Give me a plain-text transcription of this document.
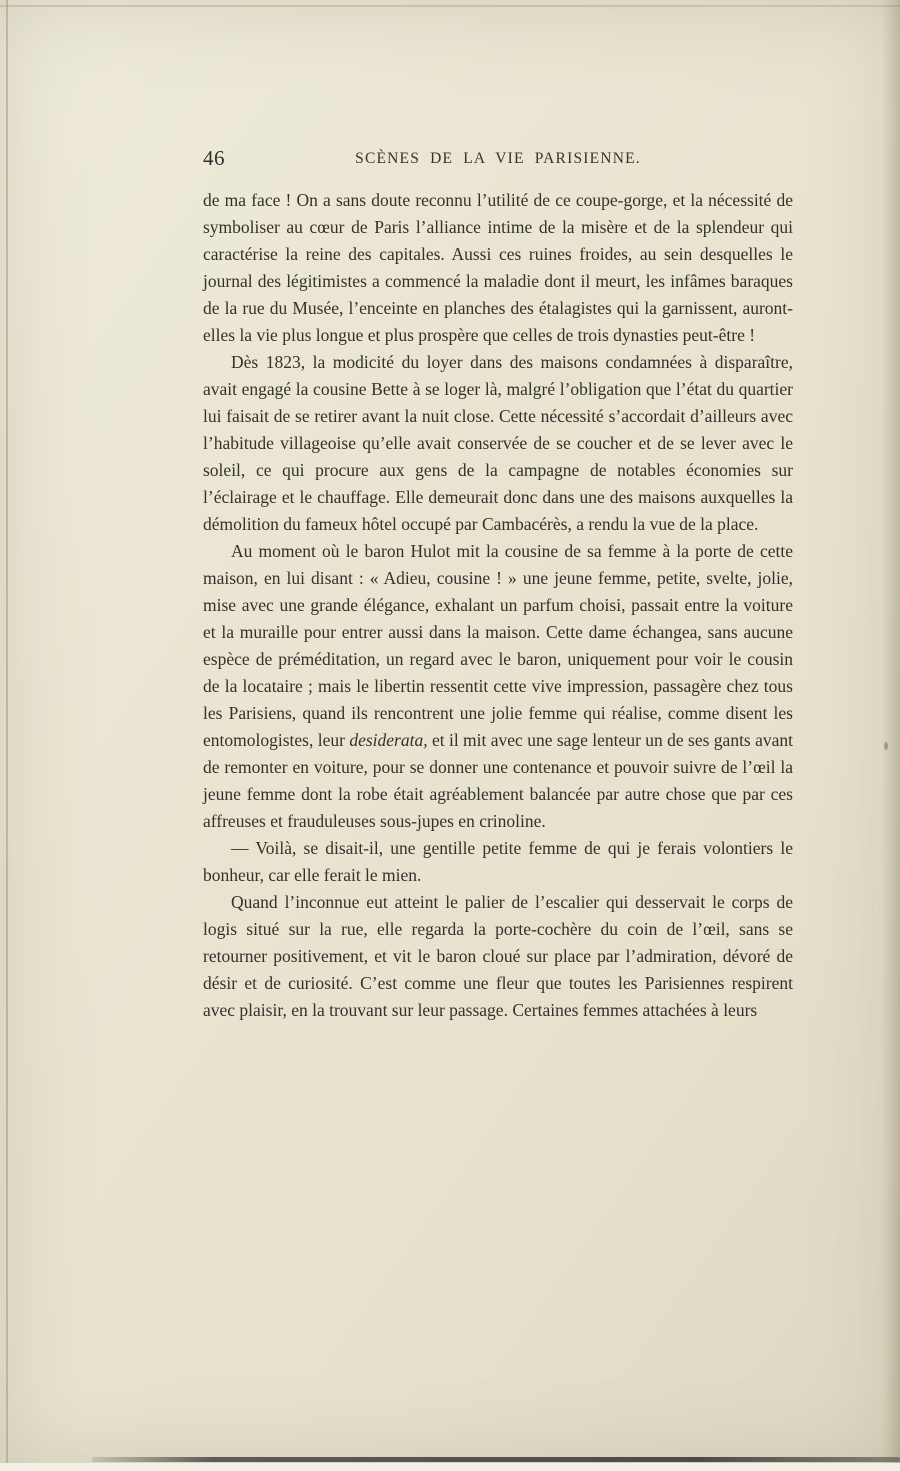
46	SCÈNES DE LA VIE PARISIENNE.
de ma face ! On a sans doute reconnu l’utilité de ce coupe-gorge, et la nécessité de symboliser au cœur de Paris l’alliance intime de la misère et de la splendeur qui caractérise la reine des capitales. Aussi ces ruines froides, au sein desquelles le journal des légitimistes a commencé la maladie dont il meurt, les infâmes baraques de la rue du Musée, l’enceinte en planches des étalagistes qui la garnissent, auront-elles la vie plus longue et plus prospère que celles de trois dynasties peut-être !
Dès 1823, la modicité du loyer dans des maisons condamnées à disparaître, avait engagé la cousine Bette à se loger là, malgré l’obligation que l’état du quartier lui faisait de se retirer avant la nuit close. Cette nécessité s’accordait d’ailleurs avec l’habitude villageoise qu’elle avait conservée de se coucher et de se lever avec le soleil, ce qui procure aux gens de la campagne de notables économies sur l’éclairage et le chauffage. Elle demeurait donc dans une des maisons auxquelles la démolition du fameux hôtel occupé par Cambacérès, a rendu la vue de la place.
Au moment où le baron Hulot mit la cousine de sa femme à la porte de cette maison, en lui disant : « Adieu, cousine ! » une jeune femme, petite, svelte, jolie, mise avec une grande élégance, exhalant un parfum choisi, passait entre la voiture et la muraille pour entrer aussi dans la maison. Cette dame échangea, sans aucune espèce de préméditation, un regard avec le baron, uniquement pour voir le cousin de la locataire ; mais le libertin ressentit cette vive impression, passagère chez tous les Parisiens, quand ils rencontrent une jolie femme qui réalise, comme disent les entomologistes, leur desiderata, et il mit avec une sage lenteur un de ses gants avant de remonter en voiture, pour se donner une contenance et pouvoir suivre de l’œil la jeune femme dont la robe était agréablement balancée par autre chose que par ces affreuses et frauduleuses sous-jupes en crinoline.
— Voilà, se disait-il, une gentille petite femme de qui je ferais volontiers le bonheur, car elle ferait le mien.
Quand l’inconnue eut atteint le palier de l’escalier qui desservait le corps de logis situé sur la rue, elle regarda la porte-cochère du coin de l’œil, sans se retourner positivement, et vit le baron cloué sur place par l’admiration, dévoré de désir et de curiosité. C’est comme une fleur que toutes les Parisiennes respirent avec plaisir, en la trouvant sur leur passage. Certaines femmes attachées à leurs
